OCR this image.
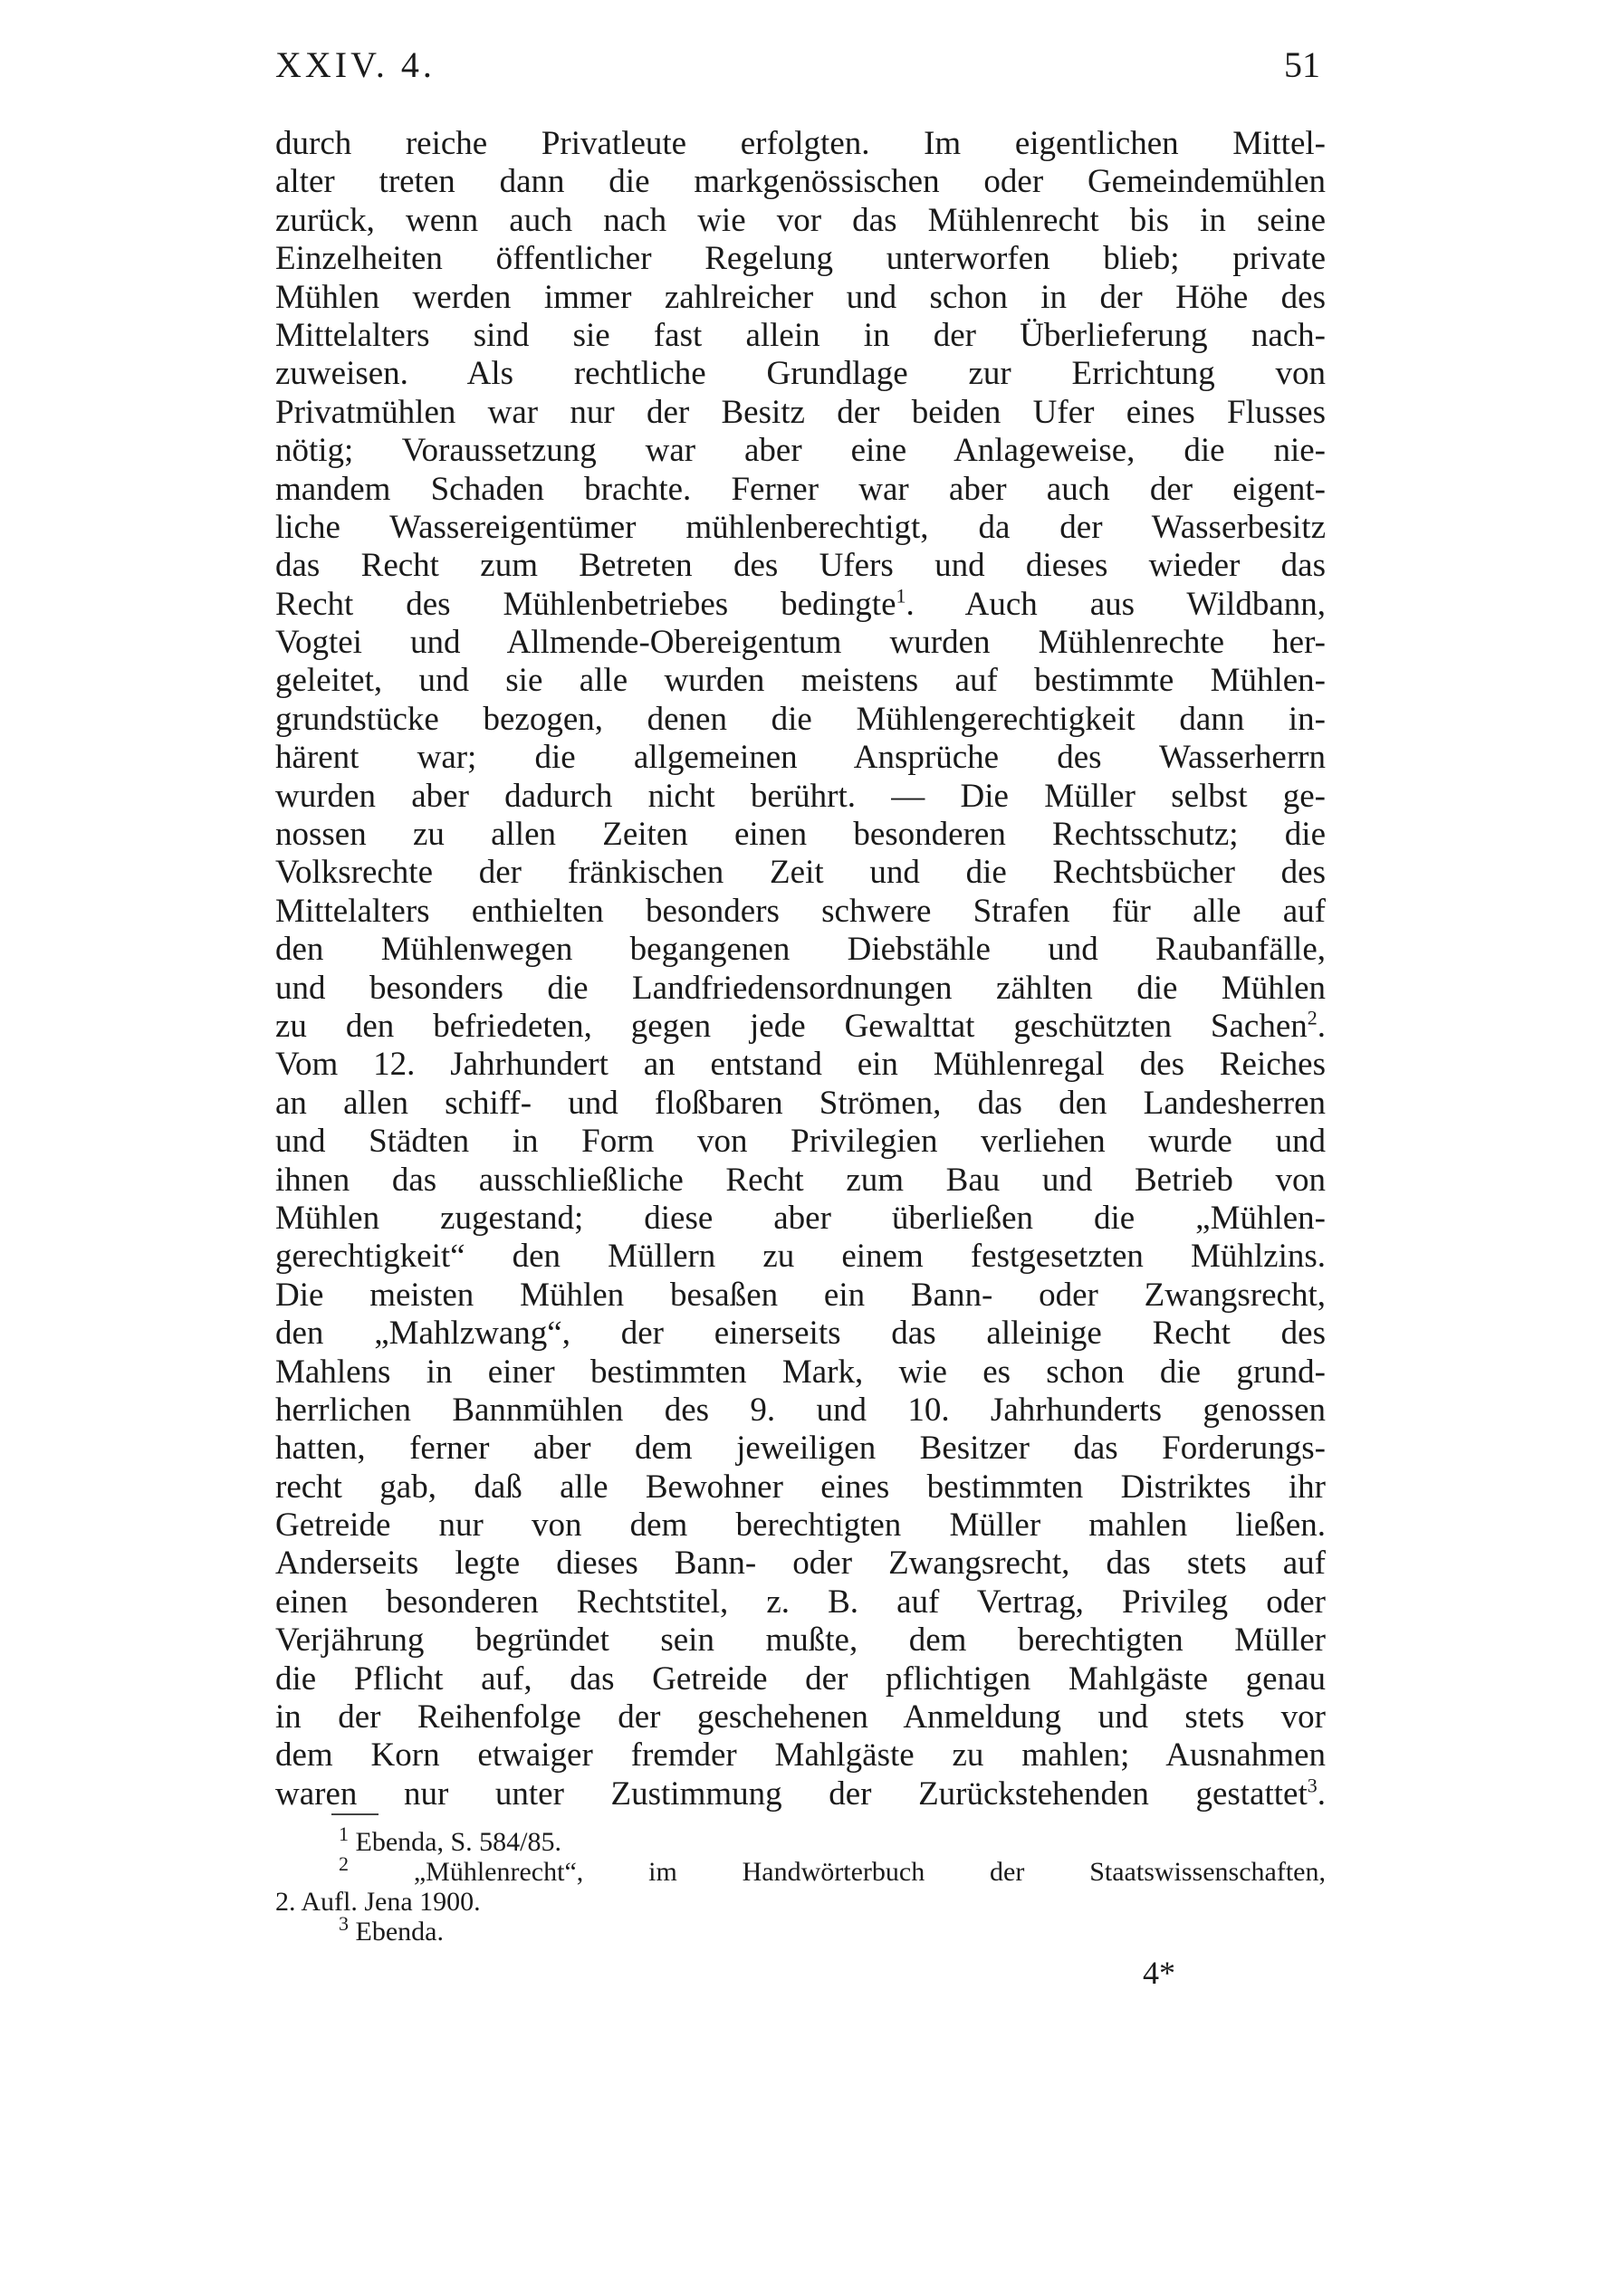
XXIV. 4.	51
durch reiche Privatleute erfolgten. Im eigentlichen Mittel-
alter treten dann die markgenössischen oder Gemeindemühlen
zurück, wenn auch nach wie vor das Mühlenrecht bis in seine
Einzelheiten öffentlicher Regelung unterworfen blieb; private
Mühlen werden immer zahlreicher und schon in der Höhe des
Mittelalters sind sie fast allein in der Überlieferung nach-
zuweisen. Als rechtliche Grundlage zur Errichtung von
Privatmühlen war nur der Besitz der beiden Ufer eines Flusses
nötig; Voraussetzung war aber eine Anlageweise, die nie-
mandem Schaden brachte. Ferner war aber auch der eigent-
liche Wassereigentümer mühlenberechtigt, da der Wasserbesitz
das Recht zum Betreten des Ufers und dieses wieder das
Recht des Mühlenbetriebes bedingte$^1$. Auch aus Wildbann,
Vogtei und Allmende-Obereigentum wurden Mühlenrechte her-
geleitet, und sie alle wurden meistens auf bestimmte Mühlen-
grundstücke bezogen, denen die Mühlengerechtigkeit dann in-
härent war; die allgemeinen Ansprüche des Wasserherrn
wurden aber dadurch nicht berührt. — Die Müller selbst ge-
nossen zu allen Zeiten einen besonderen Rechtsschutz; die
Volksrechte der fränkischen Zeit und die Rechtsbücher des
Mittelalters enthielten besonders schwere Strafen für alle auf
den Mühlenwegen begangenen Diebstähle und Raubanfälle,
und besonders die Landfriedensordnungen zählten die Mühlen
zu den befriedeten, gegen jede Gewalttat geschützten Sachen$^2$.
Vom 12. Jahrhundert an entstand ein Mühlenregal des Reiches
an allen schiff- und floßbaren Strömen, das den Landesherren
und Städten in Form von Privilegien verliehen wurde und
ihnen das ausschließliche Recht zum Bau und Betrieb von
Mühlen zugestand; diese aber überließen die „Mühlen-
gerechtigkeit“ den Müllern zu einem festgesetzten Mühlzins.
Die meisten Mühlen besaßen ein Bann- oder Zwangsrecht,
den „Mahlzwang“, der einerseits das alleinige Recht des
Mahlens in einer bestimmten Mark, wie es schon die grund-
herrlichen Bannmühlen des 9. und 10. Jahrhunderts genossen
hatten, ferner aber dem jeweiligen Besitzer das Forderungs-
recht gab, daß alle Bewohner eines bestimmten Distriktes ihr
Getreide nur von dem berechtigten Müller mahlen ließen.
Anderseits legte dieses Bann- oder Zwangsrecht, das stets auf
einen besonderen Rechtstitel, z. B. auf Vertrag, Privileg oder
Verjährung begründet sein mußte, dem berechtigten Müller
die Pflicht auf, das Getreide der pflichtigen Mahlgäste genau
in der Reihenfolge der geschehenen Anmeldung und stets vor
dem Korn etwaiger fremder Mahlgäste zu mahlen; Ausnahmen
waren nur unter Zustimmung der Zurückstehenden gestattet$^3$.
$^1$ Ebenda, S. 584/85.
$^2$ „Mühlenrecht“, im Handwörterbuch der Staatswissenschaften,
2. Aufl. Jena 1900.
$^3$ Ebenda.
4*
